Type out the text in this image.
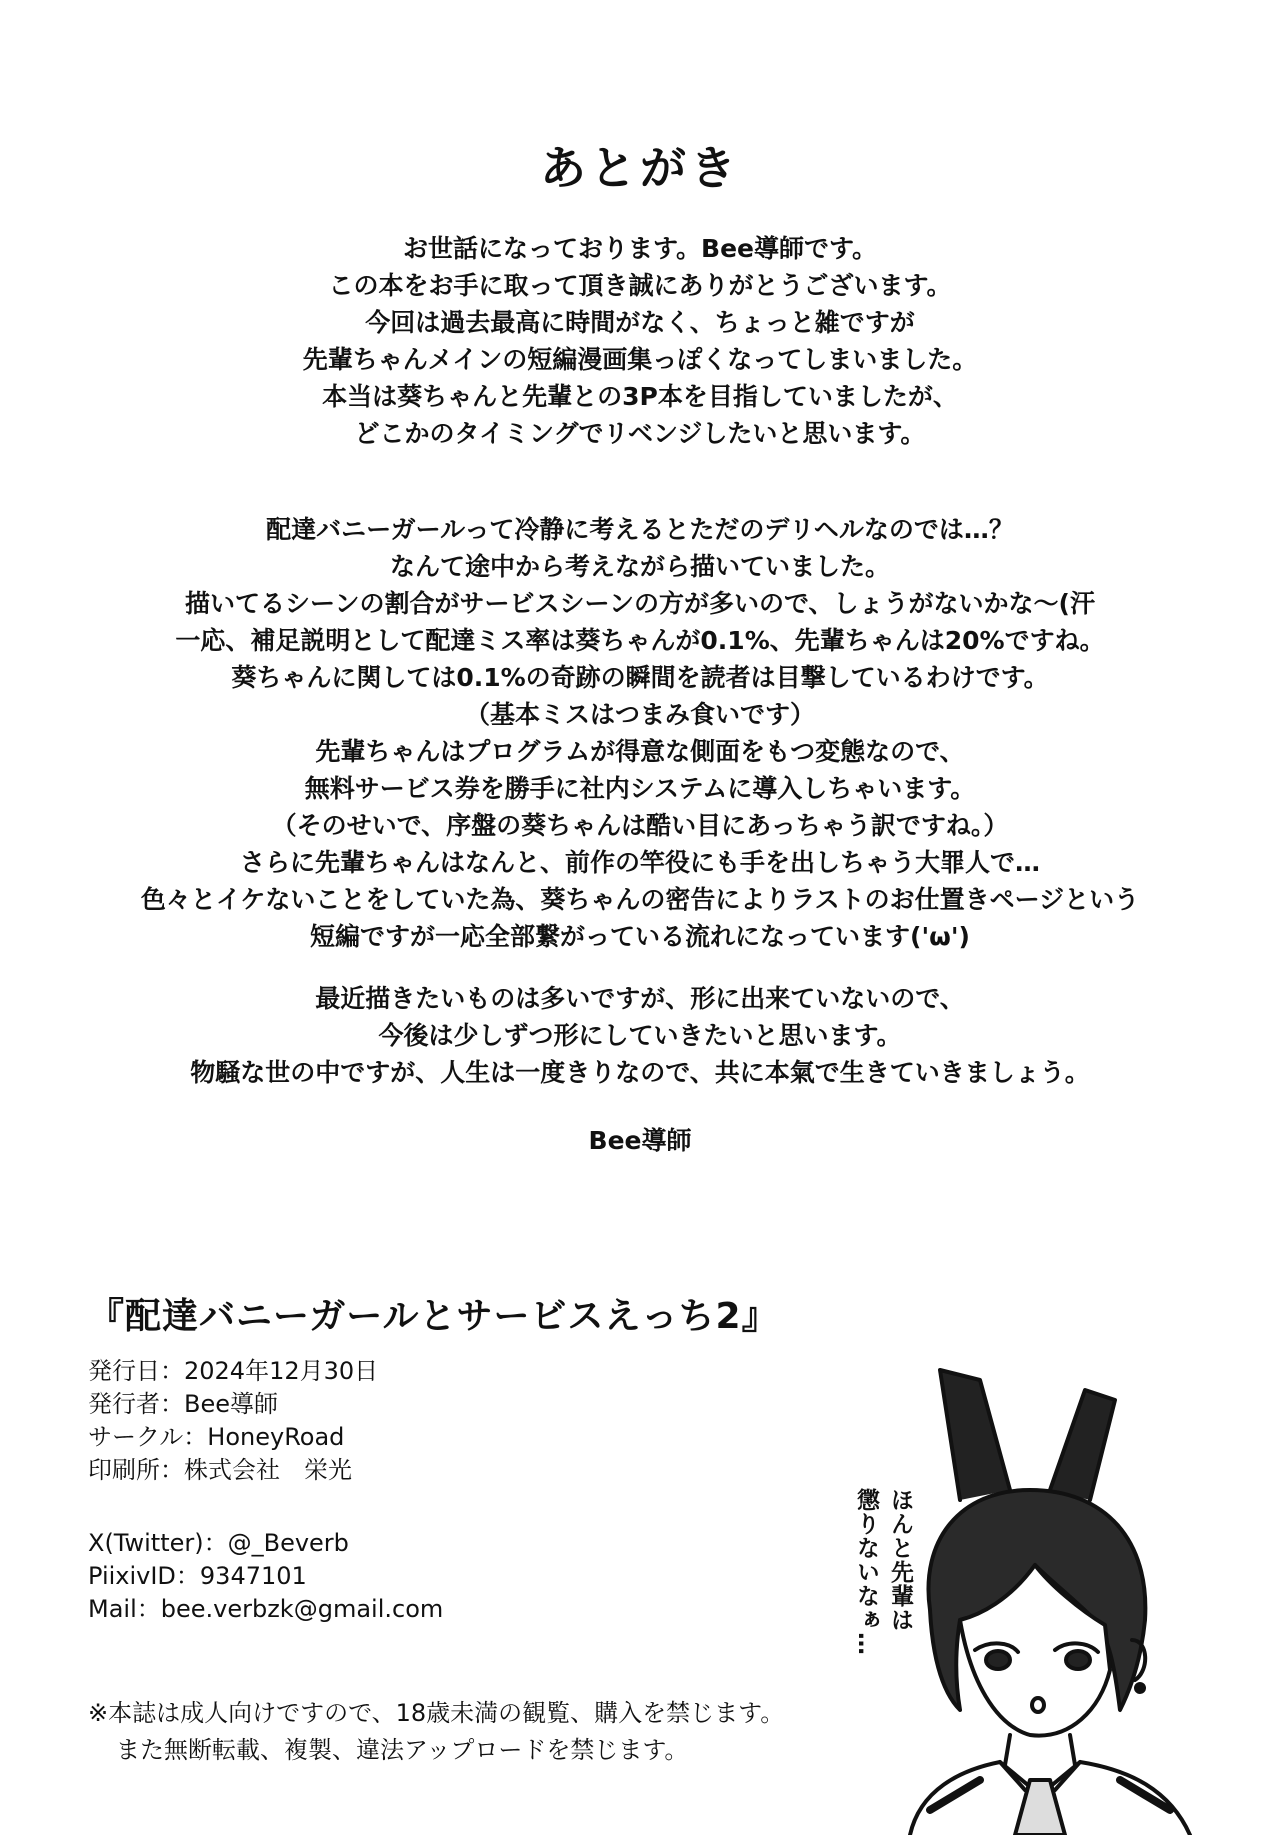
あとがき
お世話になっております。Bee導師です。
この本をお手に取って頂き誠にありがとうございます。
今回は過去最高に時間がなく、ちょっと雑ですが
先輩ちゃんメインの短編漫画集っぽくなってしまいました。
本当は葵ちゃんと先輩との3P本を目指していましたが、
どこかのタイミングでリベンジしたいと思います。
配達バニーガールって冷静に考えるとただのデリヘルなのでは…？
なんて途中から考えながら描いていました。
描いてるシーンの割合がサービスシーンの方が多いので、しょうがないかな～(汗
一応、補足説明として配達ミス率は葵ちゃんが0.1%、先輩ちゃんは20%ですね。
葵ちゃんに関しては0.1%の奇跡の瞬間を読者は目撃しているわけです。
（基本ミスはつまみ食いです）
先輩ちゃんはプログラムが得意な側面をもつ変態なので、
無料サービス券を勝手に社内システムに導入しちゃいます。
（そのせいで、序盤の葵ちゃんは酷い目にあっちゃう訳ですね。）
さらに先輩ちゃんはなんと、前作の竿役にも手を出しちゃう大罪人で…
色々とイケないことをしていた為、葵ちゃんの密告によりラストのお仕置きページという
短編ですが一応全部繋がっている流れになっています('ω')
最近描きたいものは多いですが、形に出来ていないので、
今後は少しずつ形にしていきたいと思います。
物騒な世の中ですが、人生は一度きりなので、共に本氣で生きていきましょう。
Bee導師
『配達バニーガールとサービスえっち2』
発行日：2024年12月30日
発行者：Bee導師
サークル：HoneyRoad
印刷所：株式会社　栄光
X(Twitter)：@_Beverb
PiixivID：9347101
Mail：bee.verbzk@gmail.com
※本誌は成人向けですので、18歳未満の観覧、購入を禁じます。
また無断転載、複製、違法アップロードを禁じます。
ほんと先輩は
懲りないなぁ…
